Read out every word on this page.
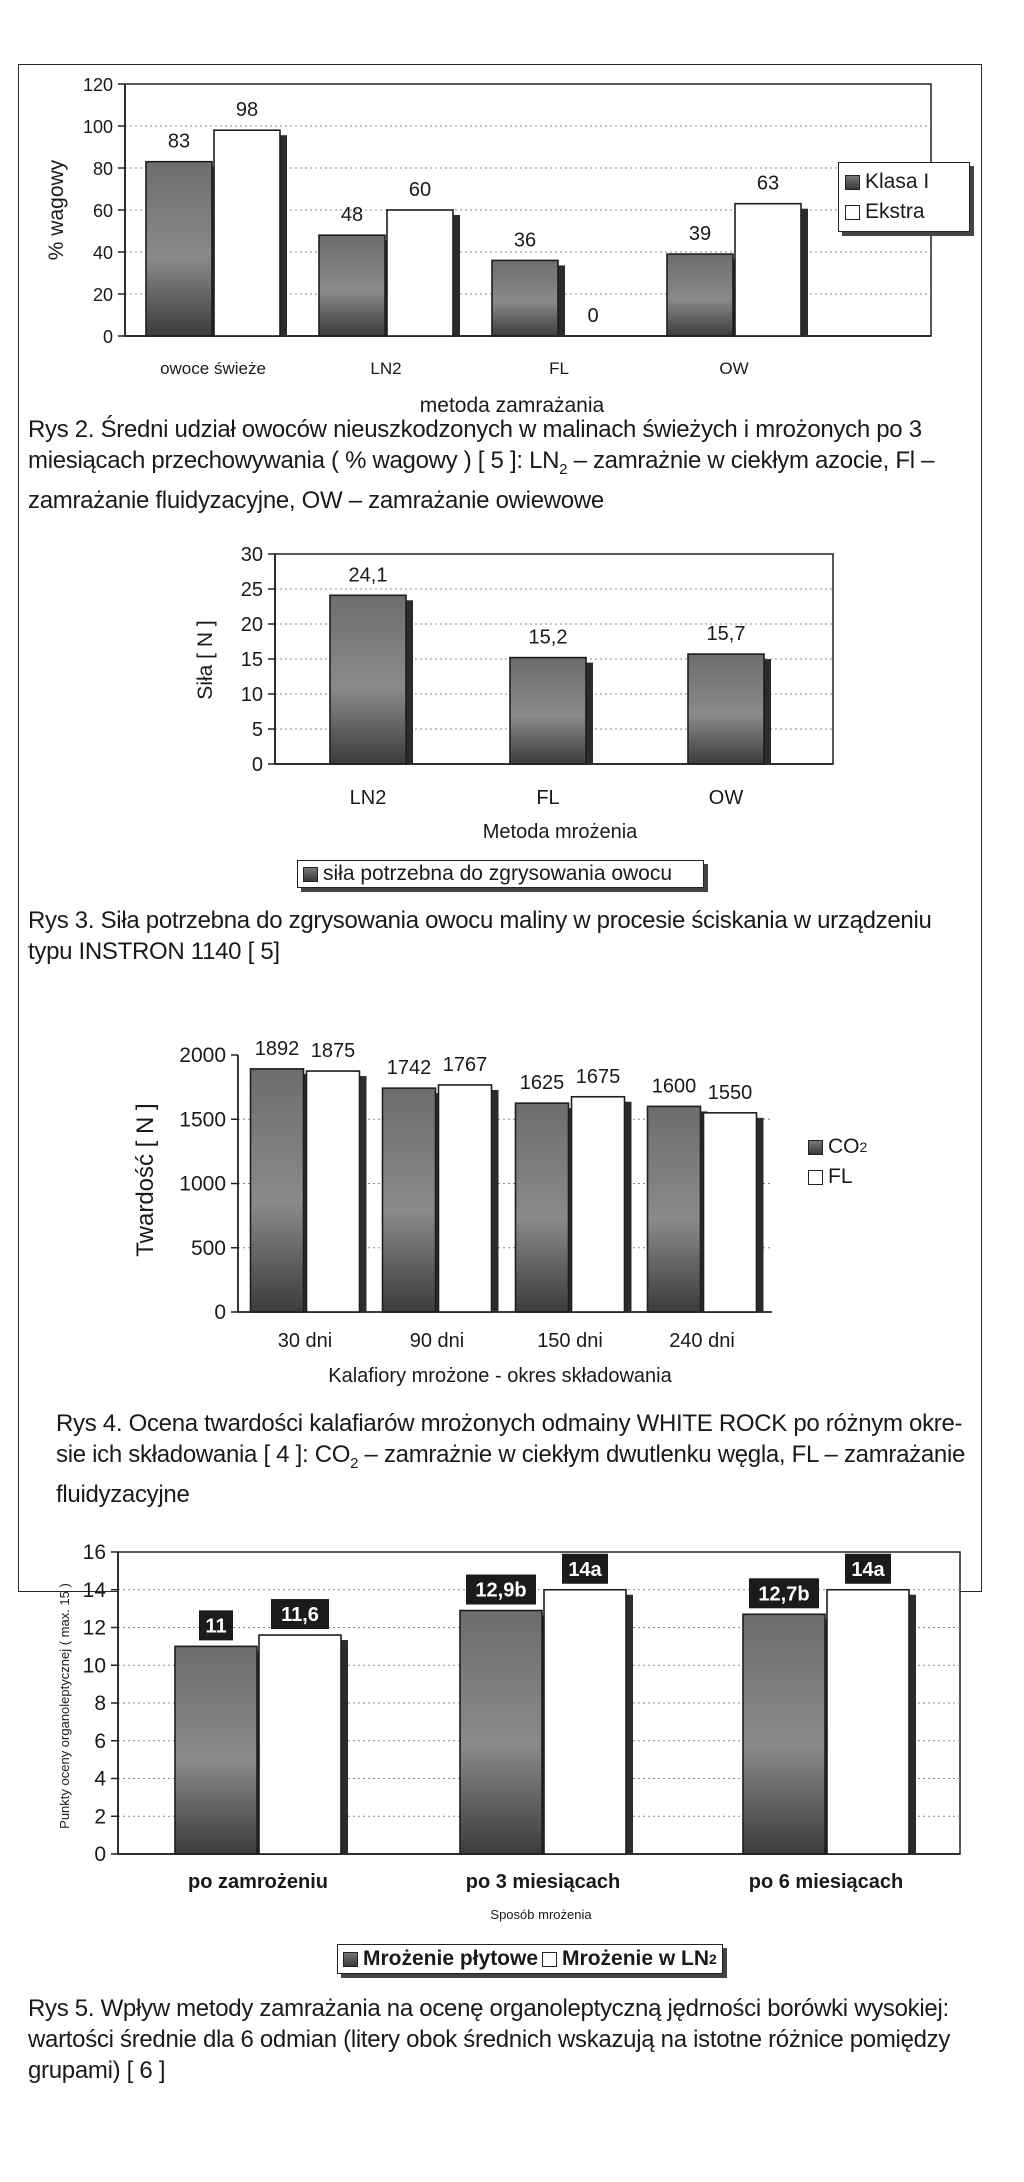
0
20
40
60
80
100
120
83
98
owoce świeże
48
60
LN2
36
0
FL
39
63
OW
metoda zamrażania
% wagowy	Klasa I
Ekstra
Rys 2. Średni udział owoców nieuszkodzonych w malinach świeżych i mrożonych po 3
miesiącach przechowywania ( % wagowy ) [ 5 ]: $LN_2$ – zamrażnie w ciekłym azocie, Fl –
zamrażanie fluidyzacyjne, OW – zamrażanie owiewowe
0
5
10
15
20
25
30
24,1
LN2
15,2
FL
15,7
OW
Metoda mrożenia
Siła [ N ]
siła potrzebna do zgrysowania owocu
Rys 3. Siła potrzebna do zgrysowania owocu maliny w procesie ściskania w urządzeniu
typu INSTRON 1140 [ 5]
0
500
1000
1500
2000 1892 1875
30 dni
1742 1767
90 dni
1625 1675
150 dni
1600 1550
240 dni
Kalafiory mrożone - okres składowania
Twardość [ N ]	CO 2
FL
Rys 4. Ocena twardości kalafiarów mrożonych odmainy WHITE ROCK po różnym okre-
sie ich składowania [ 4 ]: $CO_2$ – zamrażnie w ciekłym dwutlenku węgla, FL – zamrażanie
fluidyzacyjne
0
2
4
6
8
10
12
14
16
11
11,6
po zamrożeniu
12,9b
14a
po 3 miesiącach
12,7b
14a
po 6 miesiącach
Sposób mrożenia
Punkty oceny organoleptycznej ( max. 15 )
Mrożenie płytowe Mrożenie w LN 2
Rys 5. Wpływ metody zamrażania na ocenę organoleptyczną jędrności borówki wysokiej:
wartości średnie dla 6 odmian (litery obok średnich wskazują na istotne różnice pomiędzy
grupami) [ 6 ]
